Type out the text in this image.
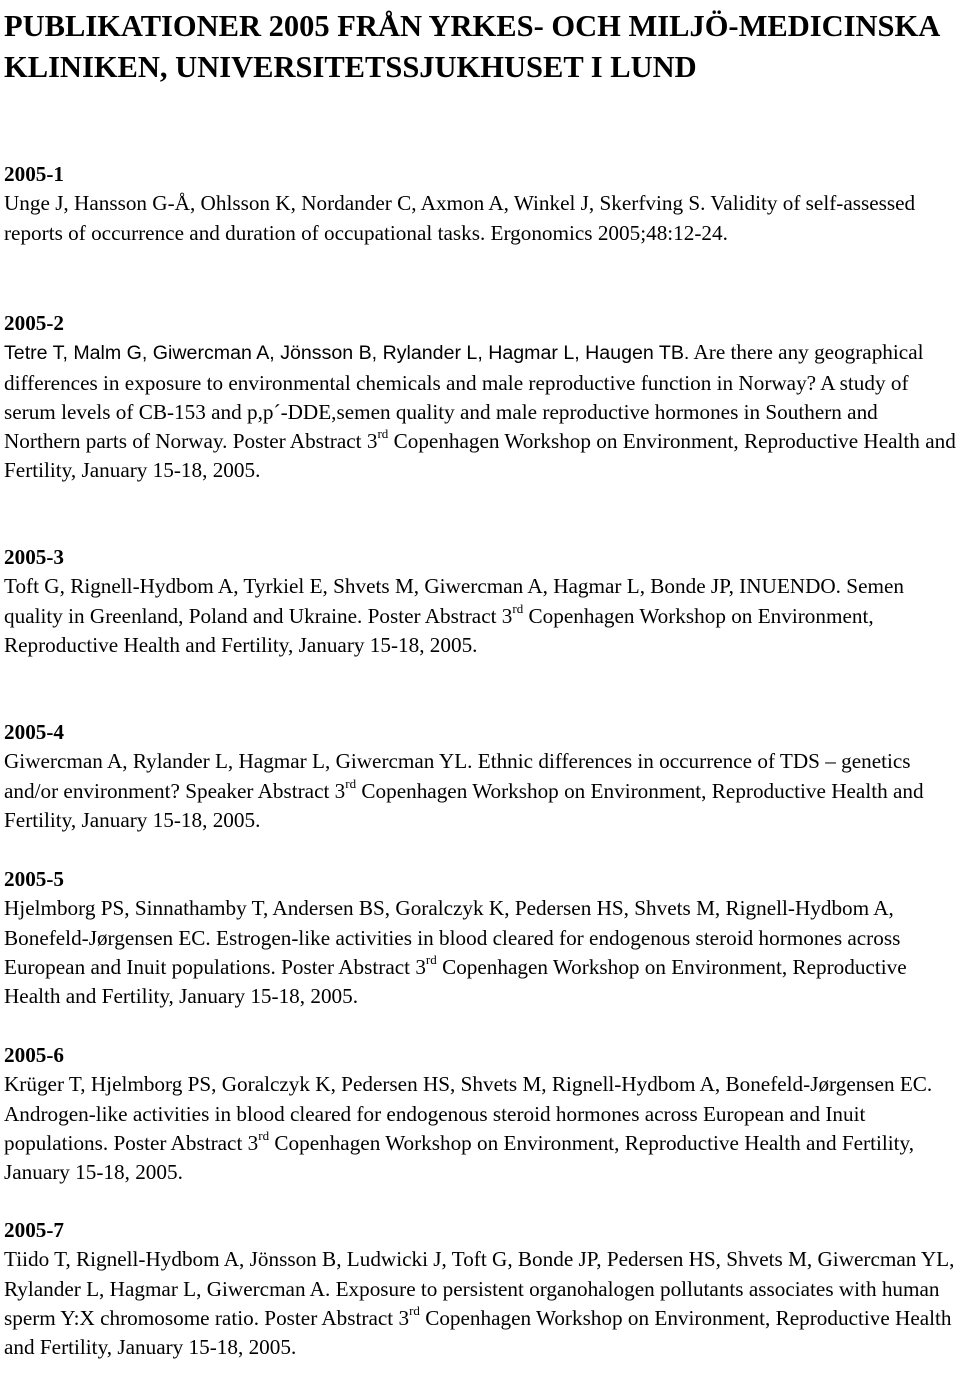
PUBLIKATIONER 2005 FRÅN YRKES- OCH MILJÖ-MEDICINSKA KLINIKEN, UNIVERSITETSSJUKHUSET I LUND
2005-1
Unge J, Hansson G-Å, Ohlsson K, Nordander C, Axmon A, Winkel J, Skerfving S. Validity of self-assessed reports of occurrence and duration of occupational tasks. Ergonomics 2005;48:12-24.
2005-2
Tetre T, Malm G, Giwercman A, Jönsson B, Rylander L, Hagmar L, Haugen TB. Are there any geographical differences in exposure to environmental chemicals and male reproductive function in Norway? A study of serum levels of CB-153 and p,p´-DDE,semen quality and male reproductive hormones in Southern and Northern parts of Norway. Poster Abstract 3rd Copenhagen Workshop on Environment, Reproductive Health and Fertility, January 15-18, 2005.
2005-3
Toft G, Rignell-Hydbom A, Tyrkiel E, Shvets M, Giwercman A, Hagmar L, Bonde JP, INUENDO. Semen quality in Greenland, Poland and Ukraine. Poster Abstract 3rd Copenhagen Workshop on Environment, Reproductive Health and Fertility, January 15-18, 2005.
2005-4
Giwercman A, Rylander L, Hagmar L, Giwercman YL. Ethnic differences in occurrence of TDS – genetics and/or environment? Speaker Abstract 3rd Copenhagen Workshop on Environment, Reproductive Health and Fertility, January 15-18, 2005.
2005-5
Hjelmborg PS, Sinnathamby T, Andersen BS, Goralczyk K, Pedersen HS, Shvets M, Rignell-Hydbom A, Bonefeld-Jørgensen EC. Estrogen-like activities in blood cleared for endogenous steroid hormones across European and Inuit populations. Poster Abstract 3rd Copenhagen Workshop on Environment, Reproductive Health and Fertility, January 15-18, 2005.
2005-6
Krüger T, Hjelmborg PS, Goralczyk K, Pedersen HS, Shvets M, Rignell-Hydbom A, Bonefeld-Jørgensen EC. Androgen-like activities in blood cleared for endogenous steroid hormones across European and Inuit populations. Poster Abstract 3rd Copenhagen Workshop on Environment, Reproductive Health and Fertility, January 15-18, 2005.
2005-7
Tiido T, Rignell-Hydbom A, Jönsson B, Ludwicki J, Toft G, Bonde JP, Pedersen HS, Shvets M, Giwercman YL, Rylander L, Hagmar L, Giwercman A. Exposure to persistent organohalogen pollutants associates with human sperm Y:X chromosome ratio. Poster Abstract 3rd Copenhagen Workshop on Environment, Reproductive Health and Fertility, January 15-18, 2005.
